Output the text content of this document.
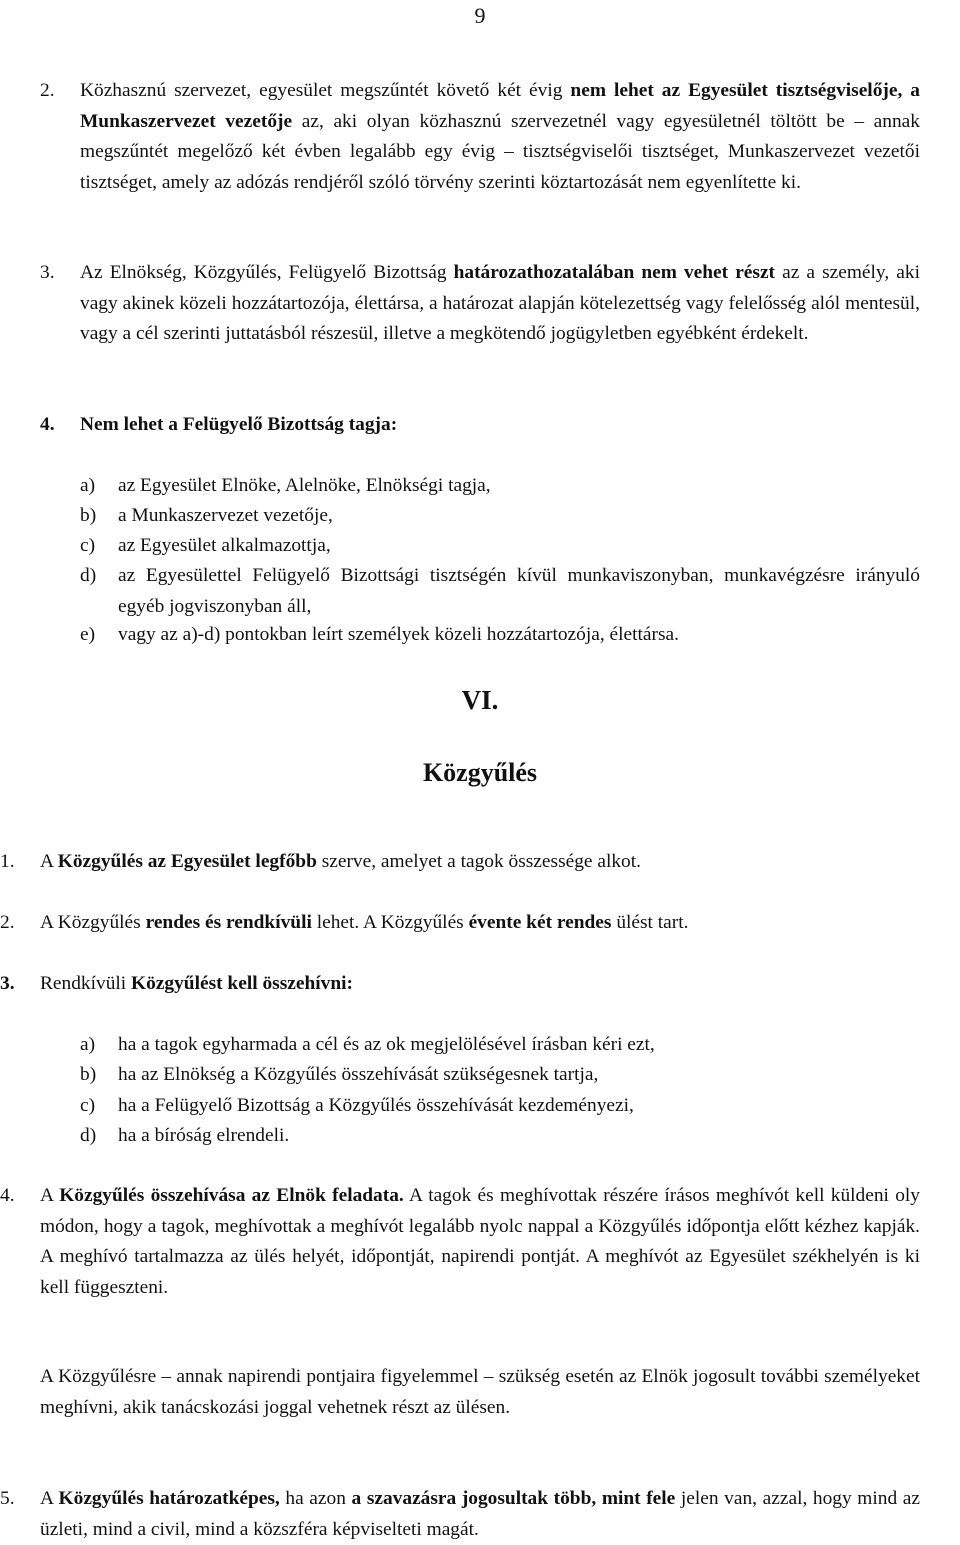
9
2.	Közhasznú szervezet, egyesület megszűntét követő két évig nem lehet az Egyesület tisztségviselője, a Munkaszervezet vezetője az, aki olyan közhasznú szervezetnél vagy egyesületnél töltött be – annak megszűntét megelőző két évben legalább egy évig – tisztségviselői tisztséget, Munkaszervezet vezetői tisztséget, amely az adózás rendjéről szóló törvény szerinti köztartozását nem egyenlítette ki.
3.	Az Elnökség, Közgyűlés, Felügyelő Bizottság határozathozatalában nem vehet részt az a személy, aki vagy akinek közeli hozzátartozója, élettársa, a határozat alapján kötelezettség vagy felelősség alól mentesül, vagy a cél szerinti juttatásból részesül, illetve a megkötendő jogügyletben egyébként érdekelt.
4.	Nem lehet a Felügyelő Bizottság tagja:
a)	az Egyesület Elnöke, Alelnöke, Elnökségi tagja,
b)	a Munkaszervezet vezetője,
c)	az Egyesület alkalmazottja,
d)	az Egyesülettel Felügyelő Bizottsági tisztségén kívül munkaviszonyban, munkavégzésre irányuló egyéb jogviszonyban áll,
e)	vagy az a)-d) pontokban leírt személyek közeli hozzátartozója, élettársa.
VI.
Közgyűlés
1.	A Közgyűlés az Egyesület legfőbb szerve, amelyet a tagok összessége alkot.
2.	A Közgyűlés rendes és rendkívüli lehet. A Közgyűlés évente két rendes ülést tart.
3.	Rendkívüli Közgyűlést kell összehívni:
a)	ha a tagok egyharmada a cél és az ok megjelölésével írásban kéri ezt,
b)	ha az Elnökség a Közgyűlés összehívását szükségesnek tartja,
c)	ha a Felügyelő Bizottság a Közgyűlés összehívását kezdeményezi,
d)	ha a bíróság elrendeli.
4.	A Közgyűlés összehívása az Elnök feladata. A tagok és meghívottak részére írásos meghívót kell küldeni oly módon, hogy a tagok, meghívottak a meghívót legalább nyolc nappal a Közgyűlés időpontja előtt kézhez kapják. A meghívó tartalmazza az ülés helyét, időpontját, napirendi pontját. A meghívót az Egyesület székhelyén is ki kell függeszteni.
A Közgyűlésre – annak napirendi pontjaira figyelemmel – szükség esetén az Elnök jogosult további személyeket meghívni, akik tanácskozási joggal vehetnek részt az ülésen.
5.	A Közgyűlés határozatképes, ha azon a szavazásra jogosultak több, mint fele jelen van, azzal, hogy mind az üzleti, mind a civil, mind a közszféra képviselteti magát.
